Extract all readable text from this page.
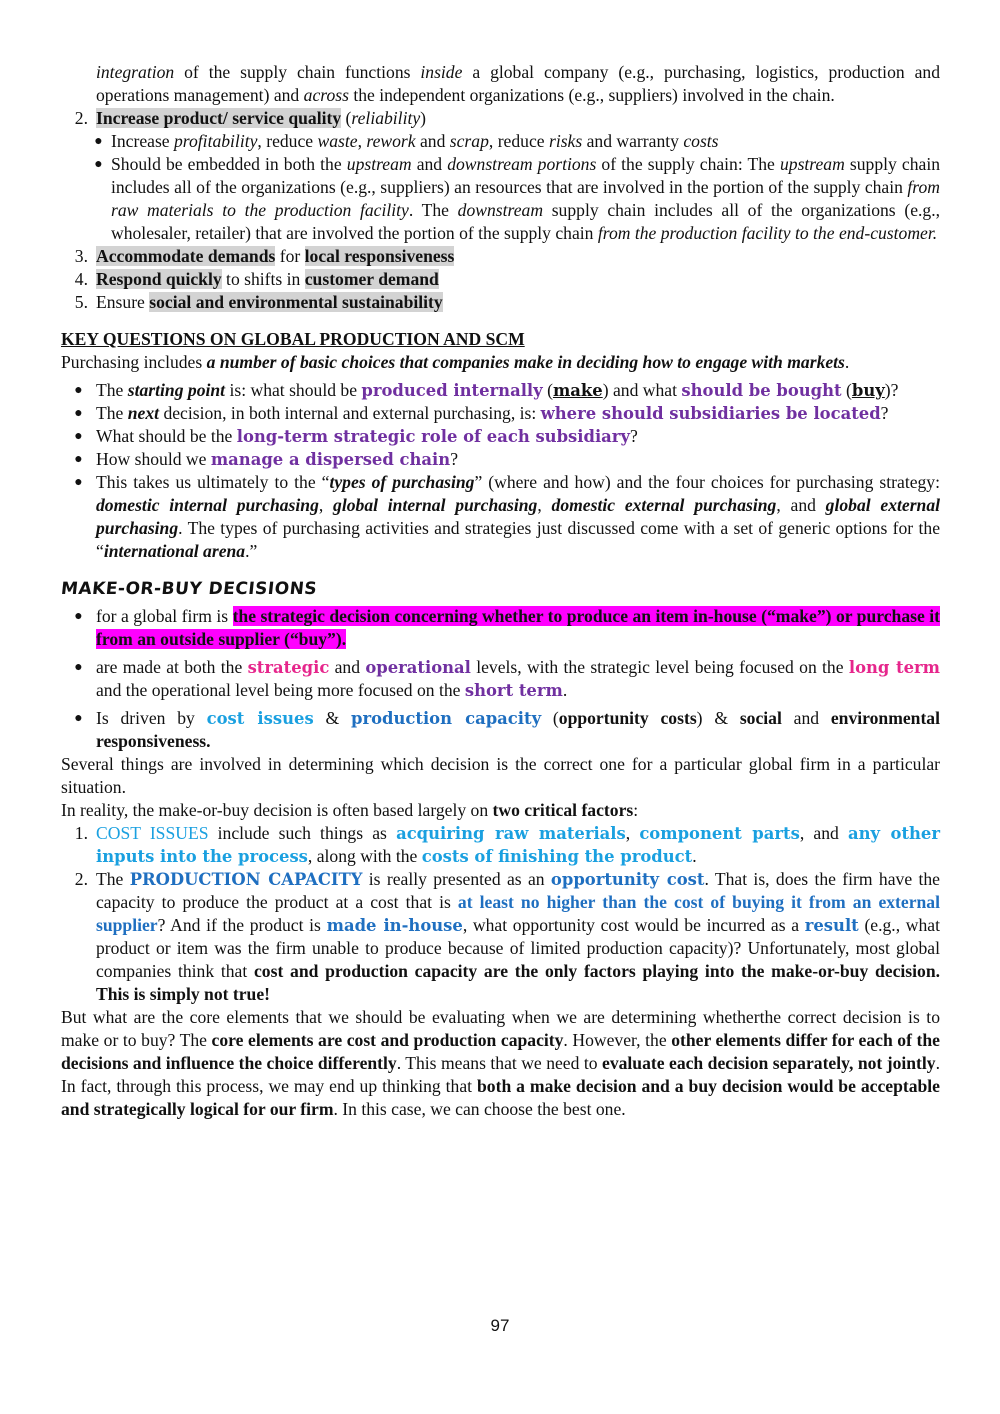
integration of the supply chain functions inside a global company (e.g., purchasing, logistics, production and operations management) and across the independent organizations (e.g., suppliers) involved in the chain.

2. Increase product/ service quality (reliability)
● Increase profitability, reduce waste, rework and scrap, reduce risks and warranty costs
● Should be embedded in both the upstream and downstream portions of the supply chain: The upstream supply chain includes all of the organizations (e.g., suppliers) an resources that are involved in the portion of the supply chain from raw materials to the production facility. The downstream supply chain includes all of the organizations (e.g., wholesaler, retailer) that are involved the portion of the supply chain from the production facility to the end-customer.
3. Accommodate demands for local responsiveness
4. Respond quickly to shifts in customer demand
5. Ensure social and environmental sustainability

KEY QUESTIONS ON GLOBAL PRODUCTION AND SCM

Purchasing includes a number of basic choices that companies make in deciding how to engage with markets.

● The starting point is: what should be produced internally (make) and what should be bought (buy)?
● The next decision, in both internal and external purchasing, is: where should subsidiaries be located?
● What should be the long-term strategic role of each subsidiary?
● How should we manage a dispersed chain?
● This takes us ultimately to the “types of purchasing” (where and how) and the four choices for purchasing strategy: domestic internal purchasing, global internal purchasing, domestic external purchasing, and global external purchasing. The types of purchasing activities and strategies just discussed come with a set of generic options for the “international arena.”
MAKE-OR-BUY DECISIONS
● for a global firm is the strategic decision concerning whether to produce an item in-house (“make”) or purchase it from an outside supplier (“buy”).
● are made at both the strategic and operational levels, with the strategic level being focused on the long term and the operational level being more focused on the short term.
● Is driven by cost issues & production capacity (opportunity costs) & social and environmental responsiveness.

Several things are involved in determining which decision is the correct one for a particular global firm in a particular situation.

In reality, the make-or-buy decision is often based largely on two critical factors:

1. COST ISSUES include such things as acquiring raw materials, component parts, and any other inputs into the process, along with the costs of finishing the product.
2. The PRODUCTION CAPACITY is really presented as an opportunity cost. That is, does the firm have the capacity to produce the product at a cost that is at least no higher than the cost of buying it from an external supplier? And if the product is made in-house, what opportunity cost would be incurred as a result (e.g., what product or item was the firm unable to produce because of limited production capacity)? Unfortunately, most global companies think that cost and production capacity are the only factors playing into the make-or-buy decision. This is simply not true!

But what are the core elements that we should be evaluating when we are determining whetherthe correct decision is to make or to buy? The core elements are cost and production capacity. However, the other elements differ for each of the decisions and influence the choice differently. This means that we need to evaluate each decision separately, not jointly. In fact, through this process, we may end up thinking that both a make decision and a buy decision would be acceptable and strategically logical for our firm. In this case, we can choose the best one.

97
